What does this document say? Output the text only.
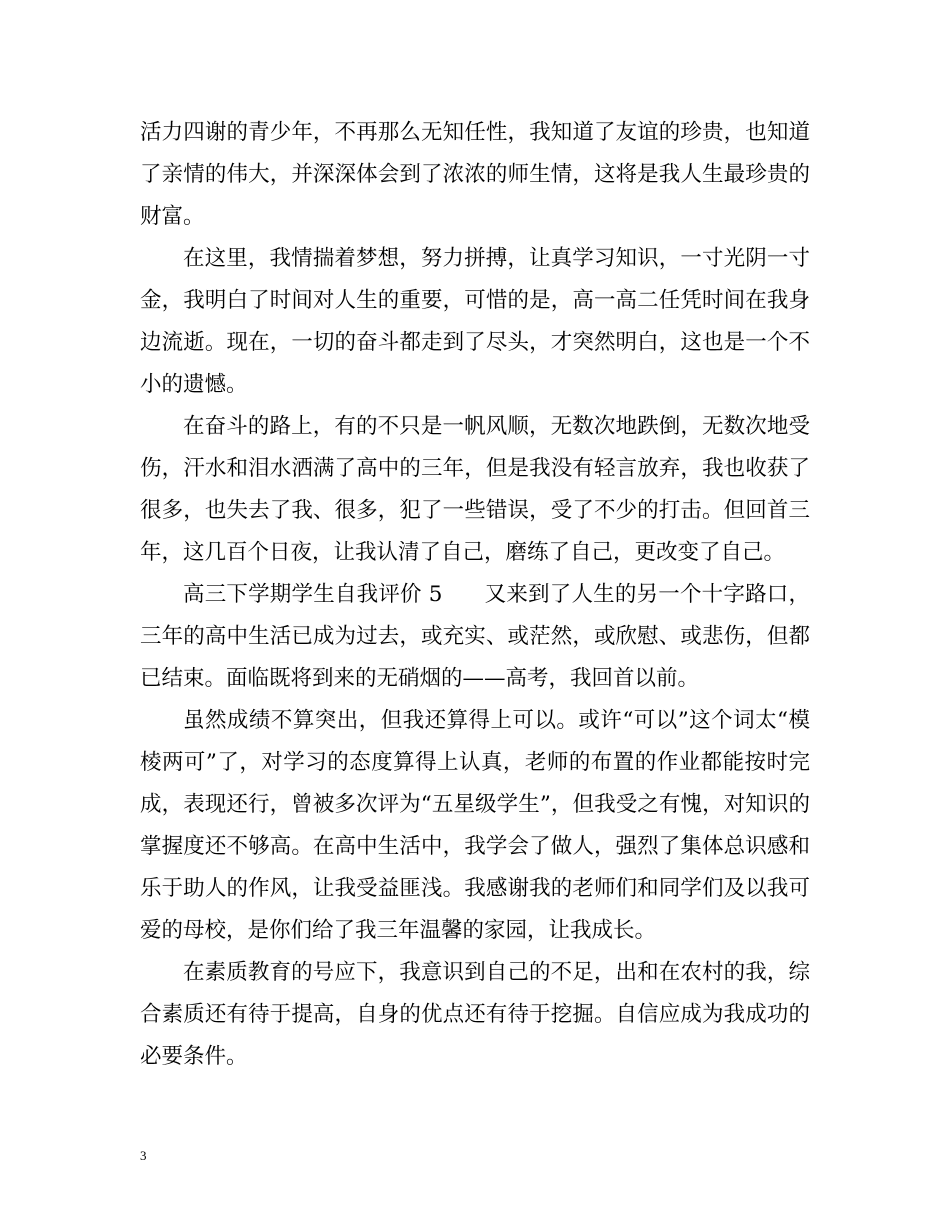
活力四谢的青少年，不再那么无知任性，我知道了友谊的珍贵，也知道了亲情的伟大，并深深体会到了浓浓的师生情，这将是我人生最珍贵的财富。

在这里，我情揣着梦想，努力拼搏，让真学习知识，一寸光阴一寸金，我明白了时间对人生的重要，可惜的是，高一高二任凭时间在我身边流逝。现在，一切的奋斗都走到了尽头，才突然明白，这也是一个不小的遗憾。

在奋斗的路上，有的不只是一帆风顺，无数次地跌倒，无数次地受伤，汗水和泪水洒满了高中的三年，但是我没有轻言放弃，我也收获了很多，也失去了我、很多，犯了一些错误，受了不少的打击。但回首三年，这几百个日夜，让我认清了自己，磨练了自己，更改变了自己。

高三下学期学生自我评价 5 又来到了人生的另一个十字路口，三年的高中生活已成为过去，或充实、或茫然，或欣慰、或悲伤，但都已结束。面临既将到来的无硝烟的——高考，我回首以前。

虽然成绩不算突出，但我还算得上可以。或许“可以”这个词太“模棱两可”了，对学习的态度算得上认真，老师的布置的作业都能按时完成，表现还行，曾被多次评为“五星级学生”，但我受之有愧，对知识的掌握度还不够高。在高中生活中，我学会了做人，强烈了集体总识感和乐于助人的作风，让我受益匪浅。我感谢我的老师们和同学们及以我可爱的母校，是你们给了我三年温馨的家园，让我成长。

在素质教育的号应下，我意识到自己的不足，出和在农村的我，综合素质还有待于提高，自身的优点还有待于挖掘。自信应成为我成功的必要条件。

3
